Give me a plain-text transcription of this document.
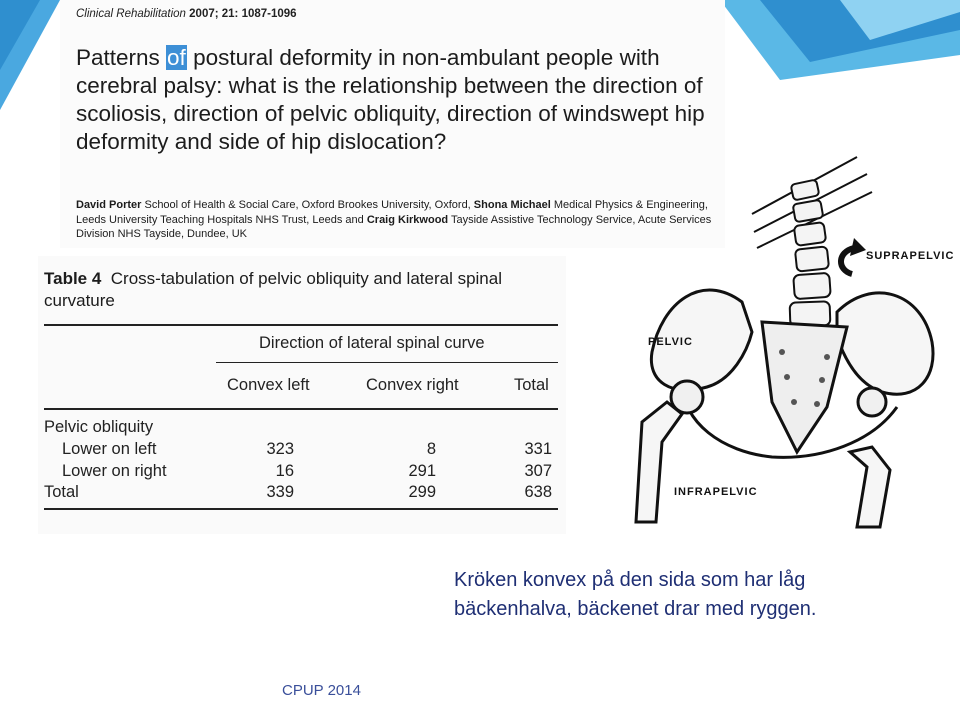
Clinical Rehabilitation 2007; 21: 1087-1096
Patterns of postural deformity in non-ambulant people with cerebral palsy: what is the relationship between the direction of scoliosis, direction of pelvic obliquity, direction of windswept hip deformity and side of hip dislocation?
David Porter School of Health & Social Care, Oxford Brookes University, Oxford, Shona Michael Medical Physics & Engineering, Leeds University Teaching Hospitals NHS Trust, Leeds and Craig Kirkwood Tayside Assistive Technology Service, Acute Services Division NHS Tayside, Dundee, UK
Table 4 Cross-tabulation of pelvic obliquity and lateral spinal curvature
Direction of lateral spinal curve
Convex left	Convex right	Total
Pelvic obliquity
Lower on left	323	8	331
Lower on right	16	291	307
Total	339	299	638
SUPRAPELVIC
PELVIC
INFRAPELVIC
Kröken konvex på den sida som har låg bäckenhalva, bäckenet drar med ryggen.
CPUP 2014
